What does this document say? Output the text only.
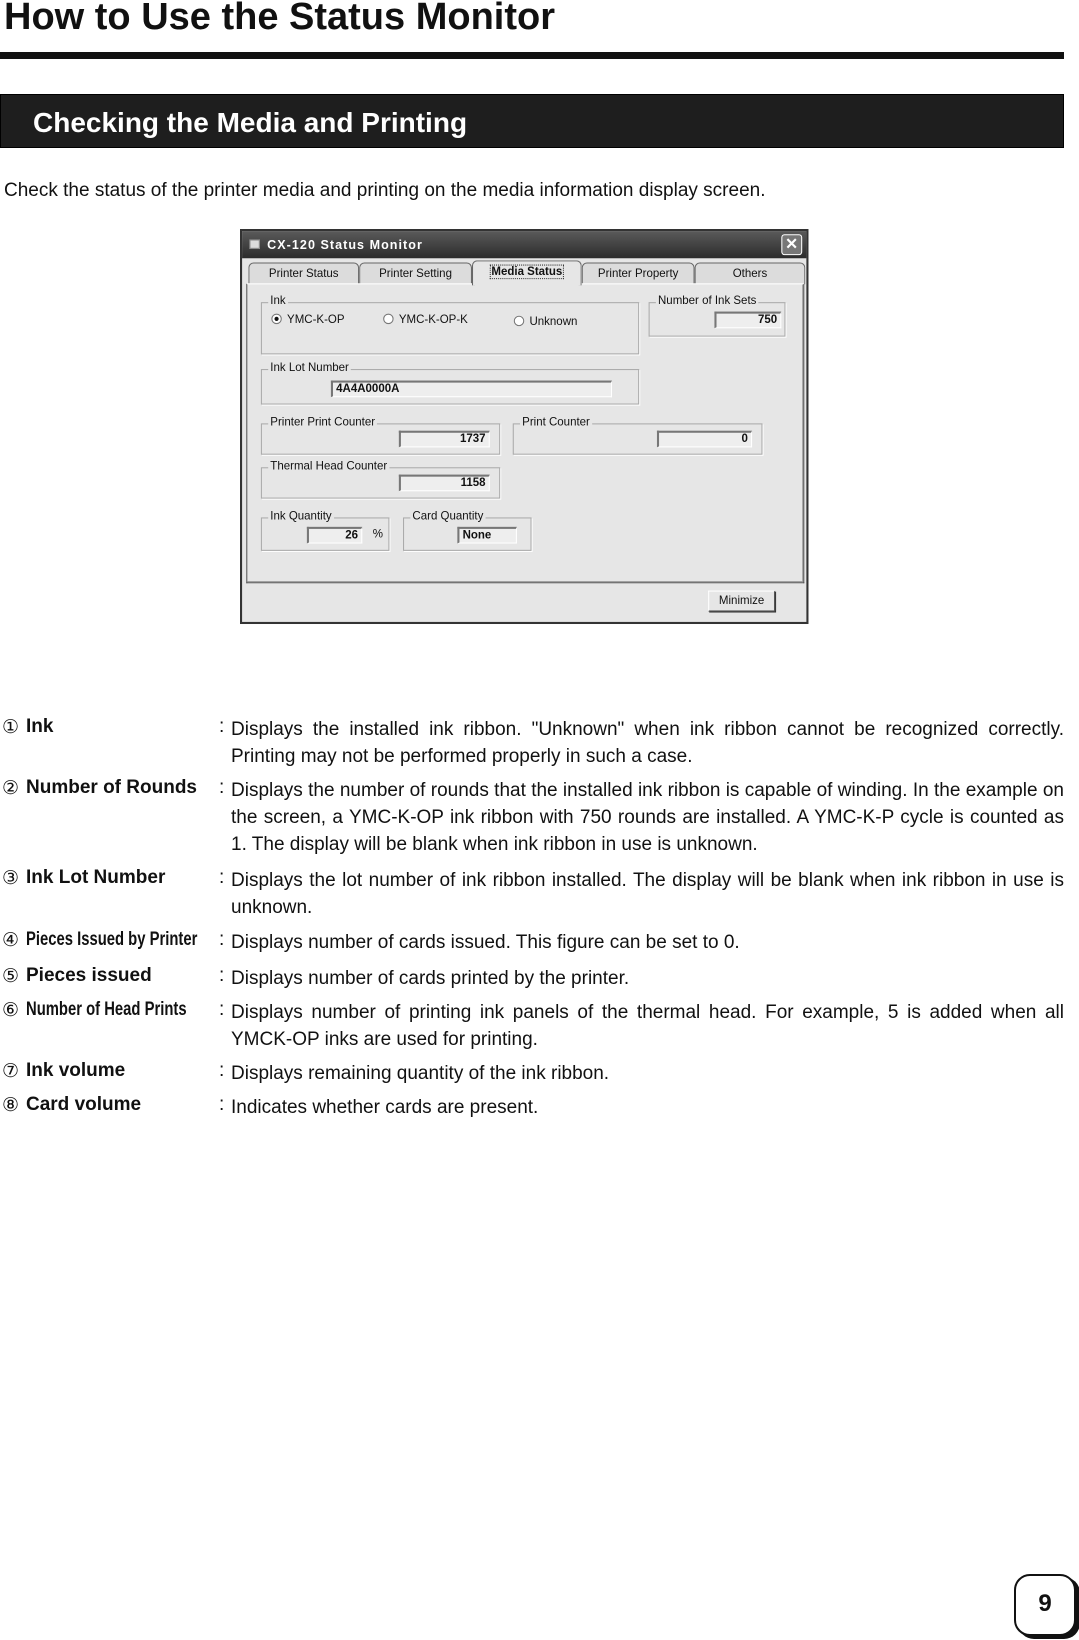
How to Use the Status Monitor
Checking the Media and Printing
Check the status of the printer media and printing on the media information display screen.
CX-120 Status Monitor	✕
Printer Status	Printer Setting	Media Status	Printer Property	Others
Ink
YMC-K-OP	YMC-K-OP-K	Unknown
Number of Ink Sets
750
Ink Lot Number
4A4A0000A
Printer Print Counter
1737
Print Counter
0
Thermal Head Counter
1158
Ink Quantity
26	%
Card Quantity
None
Minimize
① Ink	: Displays the installed ink ribbon. "Unknown" when ink ribbon cannot be recognized correctly. Printing may not be performed properly in such a case.
② Number of Rounds : Displays the number of rounds that the installed ink ribbon is capable of winding. In the example on the screen, a YMC-K-OP ink ribbon with 750 rounds are installed. A YMC-K-P cycle is counted as 1. The display will be blank when ink ribbon in use is unknown.
③ Ink Lot Number	: Displays the lot number of ink ribbon installed. The display will be blank when ink ribbon in use is unknown.
④ Pieces Issued by Printer : Displays number of cards issued. This figure can be set to 0.
⑤ Pieces issued	: Displays number of cards printed by the printer.
⑥ Number of Head Prints : Displays number of printing ink panels of the thermal head. For example, 5 is added when all YMCK-OP inks are used for printing.
⑦ Ink volume	: Displays remaining quantity of the ink ribbon.
⑧ Card volume	: Indicates whether cards are present.
9
